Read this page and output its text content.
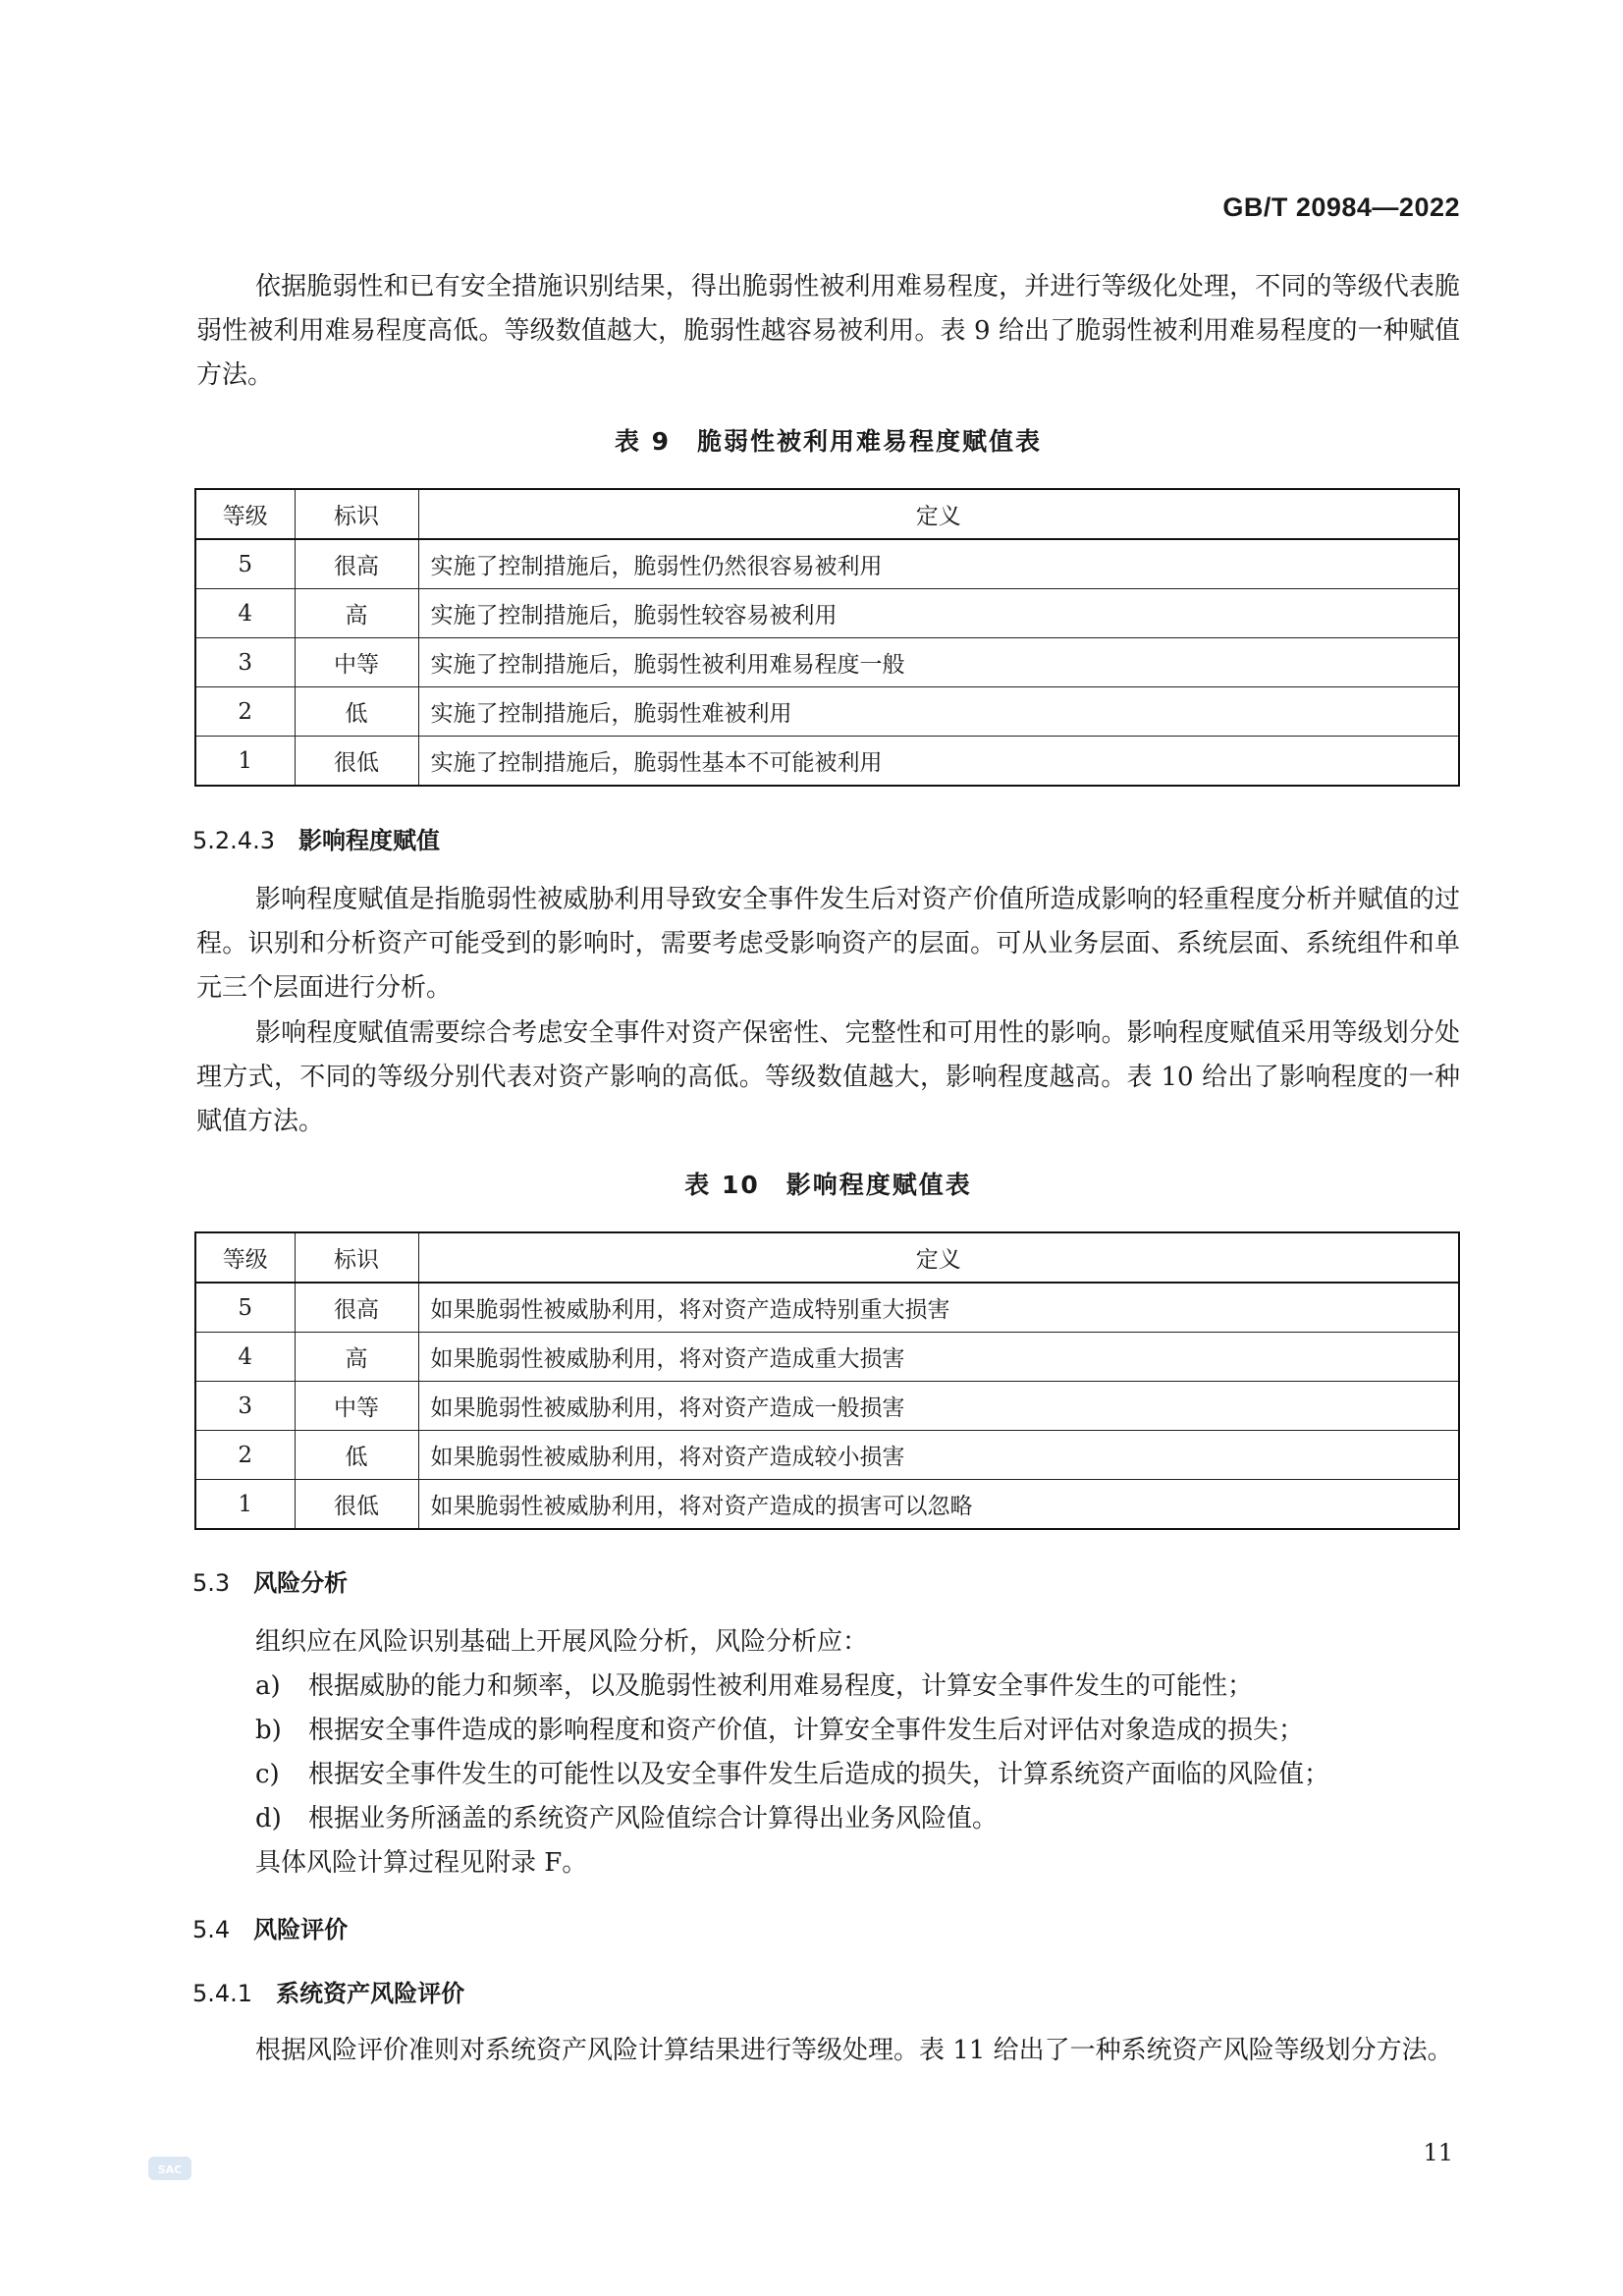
GB/T 20984—2022

依据脆弱性和已有安全措施识别结果，得出脆弱性被利用难易程度，并进行等级化处理，不同的等级代表脆弱性被利用难易程度高低。等级数值越大，脆弱性越容易被利用。表 9 给出了脆弱性被利用难易程度的一种赋值方法。

表 9　脆弱性被利用难易程度赋值表
等级	标识	定义
5	很高	实施了控制措施后，脆弱性仍然很容易被利用
4	高	实施了控制措施后，脆弱性较容易被利用
3	中等	实施了控制措施后，脆弱性被利用难易程度一般
2	低	实施了控制措施后，脆弱性难被利用
1	很低	实施了控制措施后，脆弱性基本不可能被利用
5.2.4.3 影响程度赋值

影响程度赋值是指脆弱性被威胁利用导致安全事件发生后对资产价值所造成影响的轻重程度分析并赋值的过程。识别和分析资产可能受到的影响时，需要考虑受影响资产的层面。可从业务层面、系统层面、系统组件和单元三个层面进行分析。

影响程度赋值需要综合考虑安全事件对资产保密性、完整性和可用性的影响。影响程度赋值采用等级划分处理方式，不同的等级分别代表对资产影响的高低。等级数值越大，影响程度越高。表 10 给出了影响程度的一种赋值方法。

表 10　影响程度赋值表
等级	标识	定义
5	很高	如果脆弱性被威胁利用，将对资产造成特别重大损害
4	高	如果脆弱性被威胁利用，将对资产造成重大损害
3	中等	如果脆弱性被威胁利用，将对资产造成一般损害
2	低	如果脆弱性被威胁利用，将对资产造成较小损害
1	很低	如果脆弱性被威胁利用，将对资产造成的损害可以忽略
5.3 风险分析

组织应在风险识别基础上开展风险分析，风险分析应：

a) 根据威胁的能力和频率，以及脆弱性被利用难易程度，计算安全事件发生的可能性；
b) 根据安全事件造成的影响程度和资产价值，计算安全事件发生后对评估对象造成的损失；
c) 根据安全事件发生的可能性以及安全事件发生后造成的损失，计算系统资产面临的风险值；
d) 根据业务所涵盖的系统资产风险值综合计算得出业务风险值。

具体风险计算过程见附录 F。

5.4 风险评价
5.4.1 系统资产风险评价

根据风险评价准则对系统资产风险计算结果进行等级处理。表 11 给出了一种系统资产风险等级划分方法。

11
SAC
